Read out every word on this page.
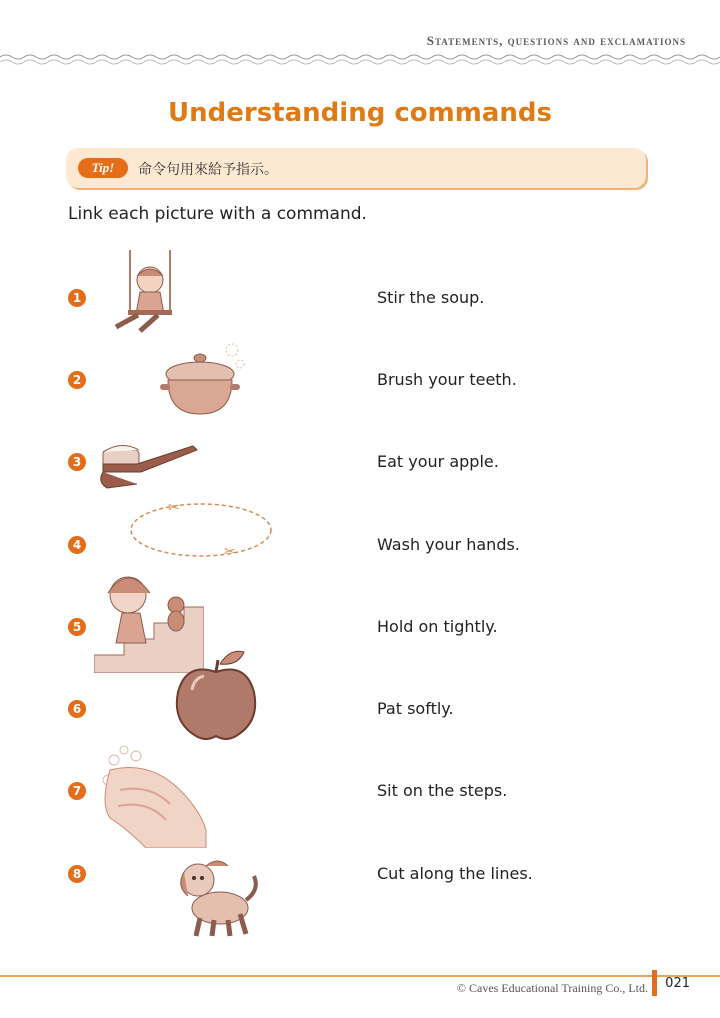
Statements, questions and exclamations
Understanding commands
Tip!	命令句用來給予指示。
Link each picture with a command.
1
2
3
4
5
6
7
8
✂
✂
Stir the soup.
Brush your teeth.
Eat your apple.
Wash your hands.
Hold on tightly.
Pat softly.
Sit on the steps.
Cut along the lines.
© Caves Educational Training Co., Ltd. 021
